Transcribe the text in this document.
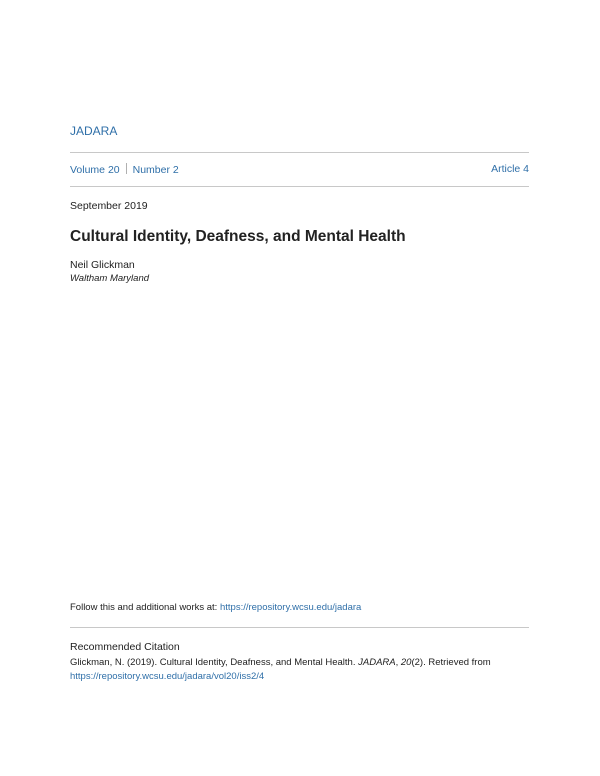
JADARA
Volume 20 Number 2	Article 4
September 2019
Cultural Identity, Deafness, and Mental Health
Neil Glickman
Waltham Maryland
Follow this and additional works at: https://repository.wcsu.edu/jadara
Recommended Citation
Glickman, N. (2019). Cultural Identity, Deafness, and Mental Health. JADARA, 20(2). Retrieved from
https://repository.wcsu.edu/jadara/vol20/iss2/4
